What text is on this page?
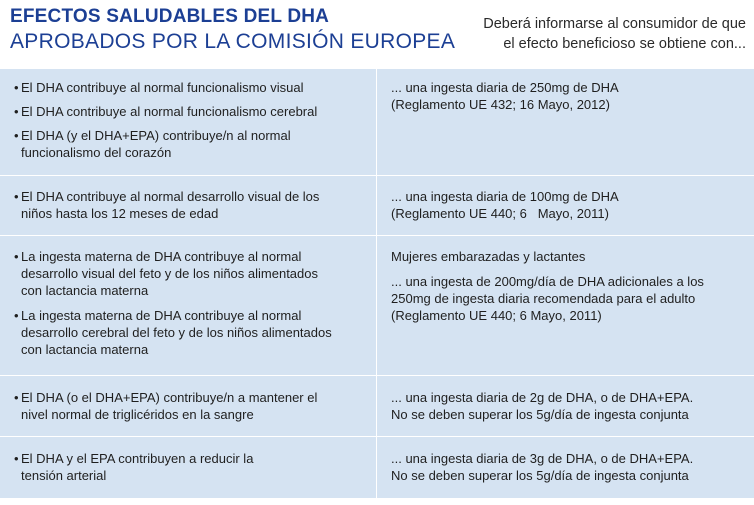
EFECTOS SALUDABLES DEL DHA
APROBADOS POR LA COMISIÓN EUROPEA
Deberá informarse al consumidor de que
el efecto beneficioso se obtiene con...
• El DHA contribuye al normal funcionalismo visual
• El DHA contribuye al normal funcionalismo cerebral
• El DHA (y el DHA+EPA) contribuye/n al normal funcionalismo del corazón
... una ingesta diaria de 250mg de DHA
(Reglamento UE 432; 16 Mayo, 2012)
• El DHA contribuye al normal desarrollo visual de los niños hasta los 12 meses de edad
... una ingesta diaria de 100mg de DHA
(Reglamento UE 440; 6   Mayo, 2011)
• La ingesta materna de DHA contribuye al normal desarrollo visual del feto y de los niños alimentados con lactancia materna
• La ingesta materna de DHA contribuye al normal desarrollo cerebral del feto y de los niños alimentados con lactancia materna
Mujeres embarazadas y lactantes
... una ingesta de 200mg/día de DHA adicionales a los
250mg de ingesta diaria recomendada para el adulto
(Reglamento UE 440; 6 Mayo, 2011)
• El DHA (o el DHA+EPA) contribuye/n a mantener el nivel normal de triglicéridos en la sangre
... una ingesta diaria de 2g de DHA, o de DHA+EPA.
No se deben superar los 5g/día de ingesta conjunta
• El DHA y el EPA contribuyen a reducir la tensión arterial
... una ingesta diaria de 3g de DHA, o de DHA+EPA.
No se deben superar los 5g/día de ingesta conjunta
